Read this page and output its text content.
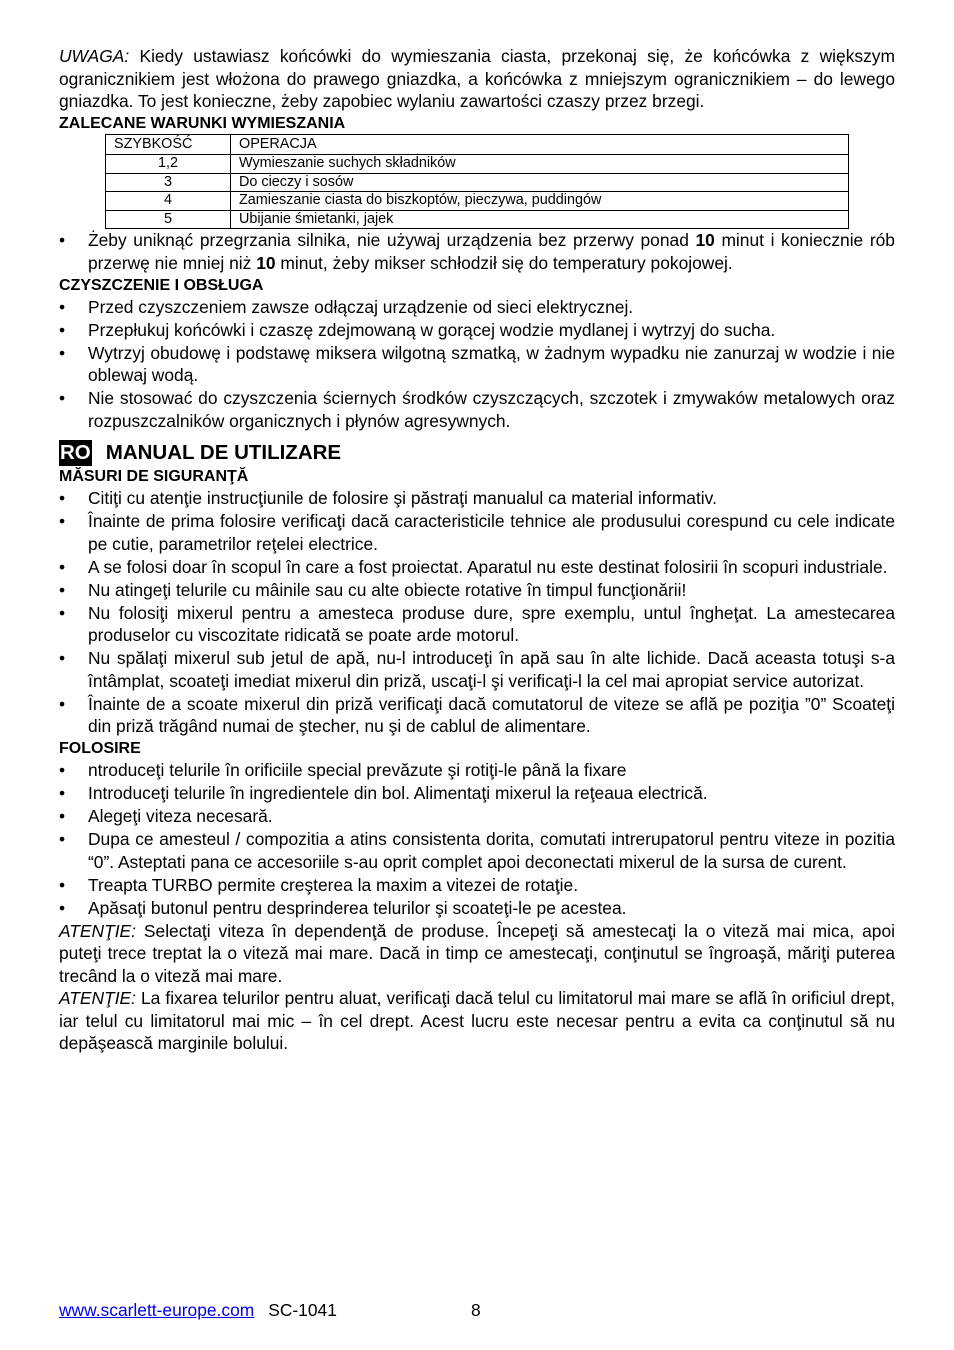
UWAGA: Kiedy ustawiasz końcówki do wymieszania ciasta, przekonaj się, że końcówka z większym ogranicznikiem jest włożona do prawego gniazdka, a końcówka z mniejszym ogranicznikiem – do lewego gniazdka. To jest konieczne, żeby zapobiec wylaniu zawartości czaszy przez brzegi.

ZALECANE WARUNKI WYMIESZANIA

SZYBKOŚĆ	OPERACJA
1,2	Wymieszanie suchych składników
3	Do cieczy i sosów
4	Zamieszanie ciasta do biszkoptów, pieczywa, puddingów
5	Ubijanie śmietanki, jajek
• Żeby uniknąć przegrzania silnika, nie używaj urządzenia bez przerwy ponad 10 minut i koniecznie rób przerwę nie mniej niż 10 minut, żeby mikser schłodził się do temperatury pokojowej.

CZYSZCZENIE I OBSŁUGA

• Przed czyszczeniem zawsze odłączaj urządzenie od sieci elektrycznej.
• Przepłukuj końcówki i czaszę zdejmowaną w gorącej wodzie mydlanej i wytrzyj do sucha.
• Wytrzyj obudowę i podstawę miksera wilgotną szmatką, w żadnym wypadku nie zanurzaj w wodzie i nie oblewaj wodą.
• Nie stosować do czyszczenia ściernych środków czyszczących, szczotek i zmywaków metalowych oraz rozpuszczalników organicznych i płynów agresywnych.
RO MANUAL DE UTILIZARE

MĂSURI DE SIGURANŢĂ

• Citiţi cu atenţie instrucţiunile de folosire şi păstraţi manualul ca material informativ.
• Înainte de prima folosire verificaţi dacă caracteristicile tehnice ale produsului corespund cu cele indicate pe cutie, parametrilor reţelei electrice.
• A se folosi doar în scopul în care a fost proiectat. Aparatul nu este destinat folosirii în scopuri industriale.
• Nu atingeţi telurile cu mâinile sau cu alte obiecte rotative în timpul funcţionării!
• Nu folosiţi mixerul pentru a amesteca produse dure, spre exemplu, untul îngheţat. La amestecarea produselor cu viscozitate ridicată se poate arde motorul.
• Nu spălaţi mixerul sub jetul de apă, nu-l introduceţi în apă sau în alte lichide. Dacă aceasta totuşi s-a întâmplat, scoateţi imediat mixerul din priză, uscaţi-l şi verificaţi-l la cel mai apropiat service autorizat.
• Înainte de a scoate mixerul din priză verificaţi dacă comutatorul de viteze se află pe poziţia ”0” Scoateţi din priză trăgând numai de ştecher, nu şi de cablul de alimentare.

FOLOSIRE

• ntroduceţi telurile în orificiile special prevăzute şi rotiţi-le până la fixare
• Introduceţi telurile în ingredientele din bol. Alimentaţi mixerul la reţeaua electrică.
• Alegeţi viteza necesară.
• Dupa ce amesteul / compozitia a atins consistenta dorita, comutati intrerupatorul pentru viteze in pozitia “0”. Asteptati pana ce accesoriile s-au oprit complet apoi deconectati mixerul de la sursa de curent.
• Treapta TURBO permite creşterea la maxim a vitezei de rotaţie.
• Apăsaţi butonul pentru desprinderea telurilor şi scoateţi-le pe acestea.

ATENŢIE: Selectaţi viteza în dependenţă de produse. Începeţi să amestecaţi la o viteză mai mica, apoi puteţi trece treptat la o viteză mai mare. Dacă in timp ce amestecaţi, conţinutul se îngroaşă, măriţi puterea trecând la o viteză mai mare.

ATENŢIE: La fixarea telurilor pentru aluat, verificaţi dacă telul cu limitatorul mai mare se află în orificiul drept, iar telul cu limitatorul mai mic – în cel drept. Acest lucru este necesar pentru a evita ca conţinutul să nu depăşească marginile bolului.

www.scarlett-europe.com SC-1041	8
